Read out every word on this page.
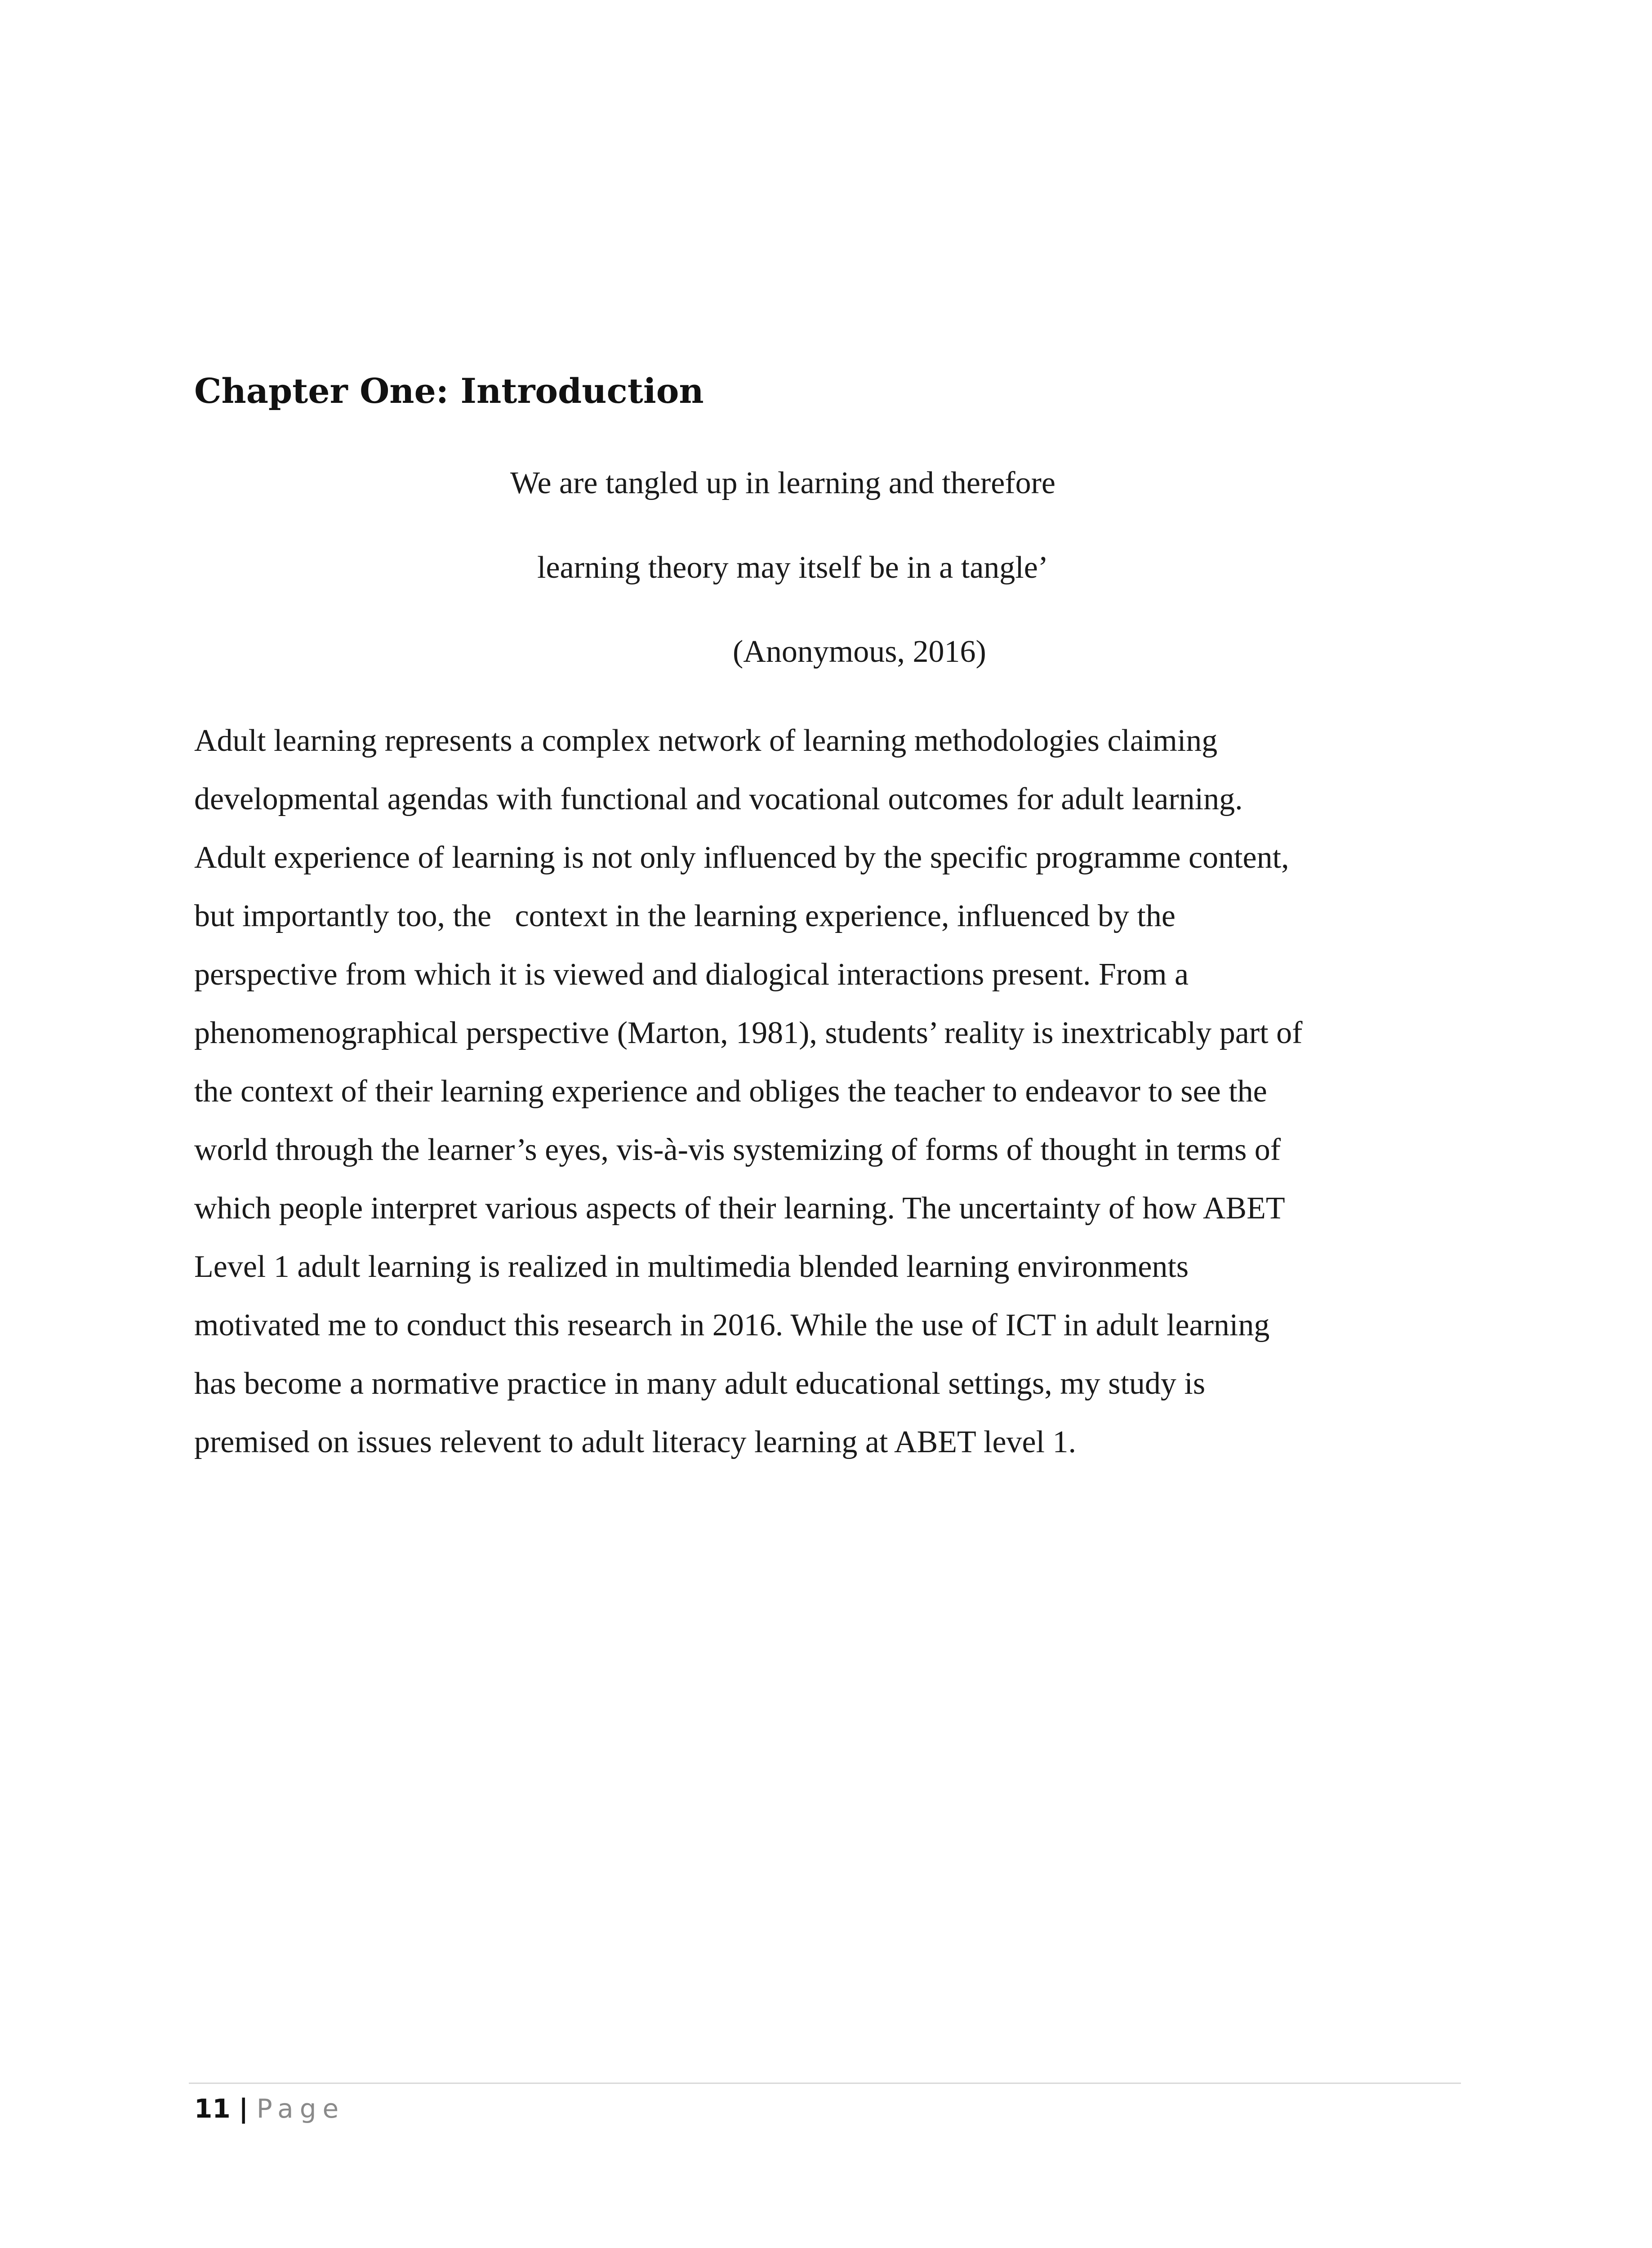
Chapter One: Introduction

We are tangled up in learning and therefore

learning theory may itself be in a tangle’

(Anonymous, 2016)

Adult learning represents a complex network of learning methodologies claiming
developmental agendas with functional and vocational outcomes for adult learning.
Adult experience of learning is not only influenced by the specific programme content,
but importantly too, the   context in the learning experience, influenced by the
perspective from which it is viewed and dialogical interactions present. From a
phenomenographical perspective (Marton, 1981), students’ reality is inextricably part of
the context of their learning experience and obliges the teacher to endeavor to see the
world through the learner’s eyes, vis-à-vis systemizing of forms of thought in terms of
which people interpret various aspects of their learning. The uncertainty of how ABET
Level 1 adult learning is realized in multimedia blended learning environments
motivated me to conduct this research in 2016. While the use of ICT in adult learning
has become a normative practice in many adult educational settings, my study is
premised on issues relevent to adult literacy learning at ABET level 1.

11 | Page
